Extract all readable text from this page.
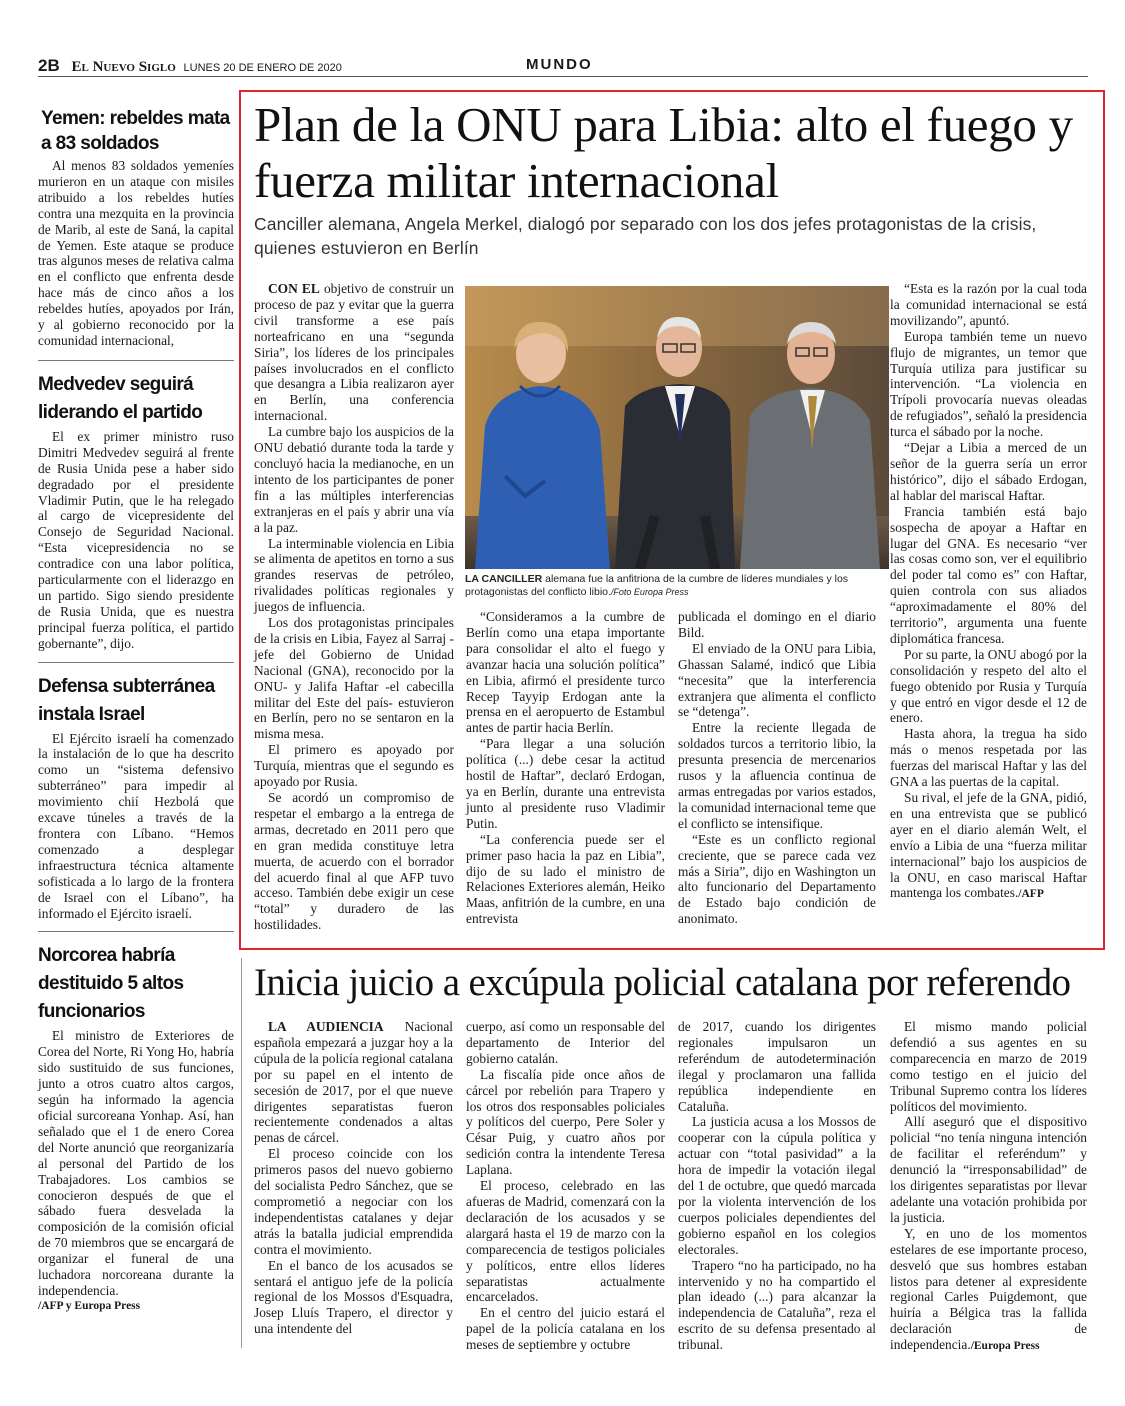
2B El Nuevo Siglo LUNES 20 DE ENERO DE 2020	MUNDO
Yemen: rebeldes mata a 83 soldados

Al menos 83 soldados yemeníes murieron en un ataque con misiles atribuido a los rebeldes hutíes contra una mezquita en la provincia de Marib, al este de Saná, la capital de Yemen. Este ataque se produce tras algunos meses de relativa calma en el conflicto que enfrenta desde hace más de cinco años a los rebeldes hutíes, apoyados por Irán, y al gobierno reconocido por la comunidad internacional,

Medvedev seguirá liderando el partido

El ex primer ministro ruso Dimitri Medvedev seguirá al frente de Rusia Unida pese a haber sido degradado por el presidente Vladimir Putin, que le ha relegado al cargo de vicepresidente del Consejo de Seguridad Nacional. “Esta vicepresidencia no se contradice con una labor política, particularmente con el liderazgo en un partido. Sigo siendo presidente de Rusia Unida, que es nuestra principal fuerza política, el partido gobernante”, dijo.

Defensa subterránea instala Israel

El Ejército israelí ha comenzado la instalación de lo que ha descrito como un “sistema defensivo subterráneo” para impedir al movimiento chií Hezbolá que excave túneles a través de la frontera con Líbano. “Hemos comenzado a desplegar infraestructura técnica altamente sofisticada a lo largo de la frontera de Israel con el Líbano”, ha informado el Ejército israelí.

Norcorea habría destituido 5 altos funcionarios

El ministro de Exteriores de Corea del Norte, Ri Yong Ho, habría sido sustituido de sus funciones, junto a otros cuatro altos cargos, según ha informado la agencia oficial surcoreana Yonhap. Así, han señalado que el 1 de enero Corea del Norte anunció que reorganizaría al personal del Partido de los Trabajadores. Los cambios se conocieron después de que el sábado fuera desvelada la composición de la comisión oficial de 70 miembros que se encargará de organizar el funeral de una luchadora norcoreana durante la independencia.

/AFP y Europa Press

Plan de la ONU para Libia: alto el fuego y fuerza militar internacional
Canciller alemana, Angela Merkel, dialogó por separado con los dos jefes protagonistas de la crisis, quienes estuvieron en Berlín

CON EL objetivo de construir un proceso de paz y evitar que la guerra civil transforme a ese país norteafricano en una “segunda Siria”, los líderes de los principales países involucrados en el conflicto que desangra a Libia realizaron ayer en Berlín, una conferencia internacional.

La cumbre bajo los auspicios de la ONU debatió durante toda la tarde y concluyó hacia la medianoche, en un intento de los participantes de poner fin a las múltiples interferencias extranjeras en el país y abrir una vía a la paz.

La interminable violencia en Libia se alimenta de apetitos en torno a sus grandes reservas de petróleo, rivalidades políticas regionales y juegos de influencia.

Los dos protagonistas principales de la crisis en Libia, Fayez al Sarraj -jefe del Gobierno de Unidad Nacional (GNA), reconocido por la ONU- y Jalifa Haftar -el cabecilla militar del Este del país- estuvieron en Berlín, pero no se sentaron en la misma mesa.

El primero es apoyado por Turquía, mientras que el segundo es apoyado por Rusia.

Se acordó un compromiso de respetar el embargo a la entrega de armas, decretado en 2011 pero que en gran medida constituye letra muerta, de acuerdo con el borrador del acuerdo final al que AFP tuvo acceso. También debe exigir un cese “total” y duradero de las hostilidades.

LA CANCILLER alemana fue la anfitriona de la cumbre de líderes mundiales y los protagonistas del conflicto libio./Foto Europa Press

“Consideramos a la cumbre de Berlín como una etapa importante para consolidar el alto el fuego y avanzar hacia una solución política” en Libia, afirmó el presidente turco Recep Tayyip Erdogan ante la prensa en el aeropuerto de Estambul antes de partir hacia Berlín.

“Para llegar a una solución política (...) debe cesar la actitud hostil de Haftar”, declaró Erdogan, ya en Berlín, durante una entrevista junto al presidente ruso Vladimir Putin.

“La conferencia puede ser el primer paso hacia la paz en Libia”, dijo de su lado el ministro de Relaciones Exteriores alemán, Heiko Maas, anfitrión de la cumbre, en una entrevista

publicada el domingo en el diario Bild.

El enviado de la ONU para Libia, Ghassan Salamé, indicó que Libia “necesita” que la interferencia extranjera que alimenta el conflicto se “detenga”.

Entre la reciente llegada de soldados turcos a territorio libio, la presunta presencia de mercenarios rusos y la afluencia continua de armas entregadas por varios estados, la comunidad internacional teme que el conflicto se intensifique.

“Este es un conflicto regional creciente, que se parece cada vez más a Siria”, dijo en Washington un alto funcionario del Departamento de Estado bajo condición de anonimato.

“Esta es la razón por la cual toda la comunidad internacional se está movilizando”, apuntó.

Europa también teme un nuevo flujo de migrantes, un temor que Turquía utiliza para justificar su intervención. “La violencia en Trípoli provocaría nuevas oleadas de refugiados”, señaló la presidencia turca el sábado por la noche.

“Dejar a Libia a merced de un señor de la guerra sería un error histórico”, dijo el sábado Erdogan, al hablar del mariscal Haftar.

Francia también está bajo sospecha de apoyar a Haftar en lugar del GNA. Es necesario “ver las cosas como son, ver el equilibrio del poder tal como es” con Haftar, quien controla con sus aliados “aproximadamente el 80% del territorio”, argumenta una fuente diplomática francesa.

Por su parte, la ONU abogó por la consolidación y respeto del alto el fuego obtenido por Rusia y Turquía y que entró en vigor desde el 12 de enero.

Hasta ahora, la tregua ha sido más o menos respetada por las fuerzas del mariscal Haftar y las del GNA a las puertas de la capital.

Su rival, el jefe de la GNA, pidió, en una entrevista que se publicó ayer en el diario alemán Welt, el envío a Libia de una “fuerza militar internacional” bajo los auspicios de la ONU, en caso mariscal Haftar mantenga los combates./AFP

Inicia juicio a excúpula policial catalana por referendo

LA AUDIENCIA Nacional española empezará a juzgar hoy a la cúpula de la policía regional catalana por su papel en el intento de secesión de 2017, por el que nueve dirigentes separatistas fueron recientemente condenados a altas penas de cárcel.

El proceso coincide con los primeros pasos del nuevo gobierno del socialista Pedro Sánchez, que se comprometió a negociar con los independentistas catalanes y dejar atrás la batalla judicial emprendida contra el movimiento.

En el banco de los acusados se sentará el antiguo jefe de la policía regional de los Mossos d'Esquadra, Josep Lluís Trapero, el director y una intendente del

cuerpo, así como un responsable del departamento de Interior del gobierno catalán.

La fiscalía pide once años de cárcel por rebelión para Trapero y los otros dos responsables policiales y políticos del cuerpo, Pere Soler y César Puig, y cuatro años por sedición contra la intendente Teresa Laplana.

El proceso, celebrado en las afueras de Madrid, comenzará con la declaración de los acusados y se alargará hasta el 19 de marzo con la comparecencia de testigos policiales y políticos, entre ellos líderes separatistas actualmente encarcelados.

En el centro del juicio estará el papel de la policía catalana en los meses de septiembre y octubre

de 2017, cuando los dirigentes regionales impulsaron un referéndum de autodeterminación ilegal y proclamaron una fallida república independiente en Cataluña.

La justicia acusa a los Mossos de cooperar con la cúpula política y actuar con “total pasividad” a la hora de impedir la votación ilegal del 1 de octubre, que quedó marcada por la violenta intervención de los cuerpos policiales dependientes del gobierno español en los colegios electorales.

Trapero “no ha participado, no ha intervenido y no ha compartido el plan ideado (...) para alcanzar la independencia de Cataluña”, reza el escrito de su defensa presentado al tribunal.

El mismo mando policial defendió a sus agentes en su comparecencia en marzo de 2019 como testigo en el juicio del Tribunal Supremo contra los líderes políticos del movimiento.

Allí aseguró que el dispositivo policial “no tenía ninguna intención de facilitar el referéndum” y denunció la “irresponsabilidad” de los dirigentes separatistas por llevar adelante una votación prohibida por la justicia.

Y, en uno de los momentos estelares de ese importante proceso, desveló que sus hombres estaban listos para detener al expresidente regional Carles Puigdemont, que huiría a Bélgica tras la fallida declaración de independencia./Europa Press
